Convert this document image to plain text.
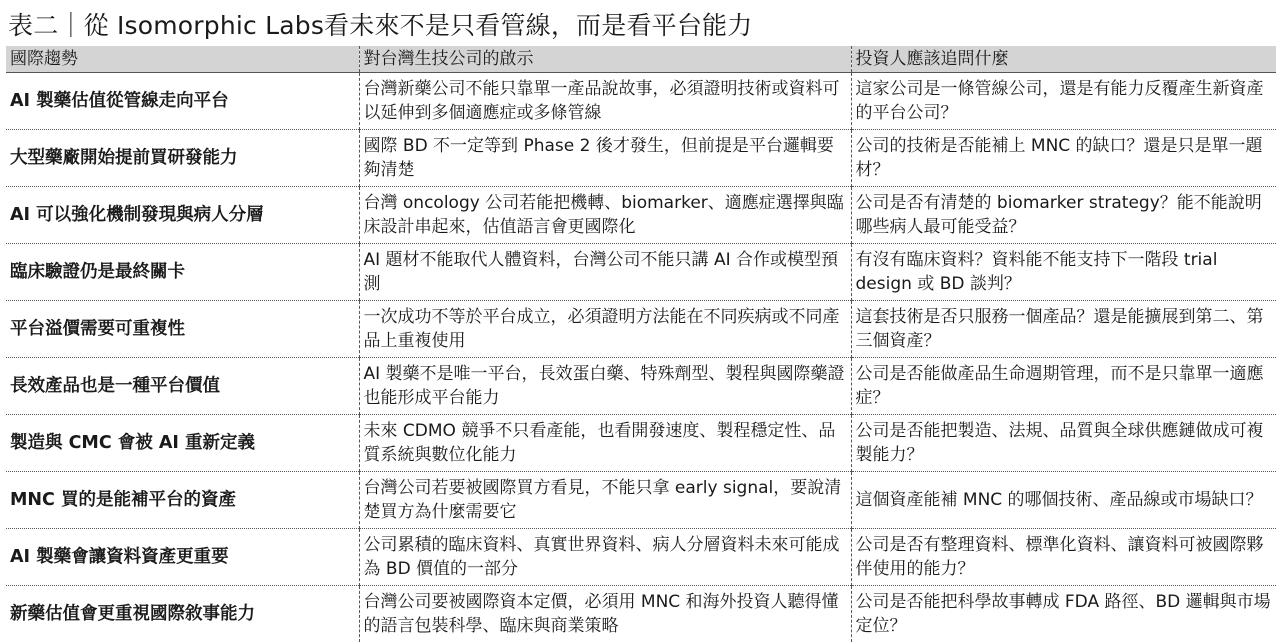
表二｜從 Isomorphic Labs看未來不是只看管線，而是看平台能力
國際趨勢	對台灣生技公司的啟示	投資人應該追問什麼
AI 製藥估值從管線走向平台	台灣新藥公司不能只靠單一產品說故事，必須證明技術或資料可以延伸到多個適應症或多條管線	這家公司是一條管線公司，還是有能力反覆產生新資產的平台公司？
大型藥廠開始提前買研發能力	國際 BD 不一定等到 Phase 2 後才發生，但前提是平台邏輯要夠清楚	公司的技術是否能補上 MNC 的缺口？還是只是單一題材？
AI 可以強化機制發現與病人分層	台灣 oncology 公司若能把機轉、biomarker、適應症選擇與臨床設計串起來，估值語言會更國際化	公司是否有清楚的 biomarker strategy？能不能說明哪些病人最可能受益？
臨床驗證仍是最終關卡	AI 題材不能取代人體資料，台灣公司不能只講 AI 合作或模型預測	有沒有臨床資料？資料能不能支持下一階段 trial design 或 BD 談判？
平台溢價需要可重複性	一次成功不等於平台成立，必須證明方法能在不同疾病或不同產品上重複使用	這套技術是否只服務一個產品？還是能擴展到第二、第三個資產？
長效產品也是一種平台價值	AI 製藥不是唯一平台，長效蛋白藥、特殊劑型、製程與國際藥證也能形成平台能力	公司是否能做產品生命週期管理，而不是只靠單一適應症？
製造與 CMC 會被 AI 重新定義	未來 CDMO 競爭不只看產能，也看開發速度、製程穩定性、品質系統與數位化能力	公司是否能把製造、法規、品質與全球供應鏈做成可複製能力？
MNC 買的是能補平台的資產	台灣公司若要被國際買方看見，不能只拿 early signal，要說清楚買方為什麼需要它	這個資產能補 MNC 的哪個技術、產品線或市場缺口？
AI 製藥會讓資料資產更重要	公司累積的臨床資料、真實世界資料、病人分層資料未來可能成為 BD 價值的一部分	公司是否有整理資料、標準化資料、讓資料可被國際夥伴使用的能力？
新藥估值會更重視國際敘事能力	台灣公司要被國際資本定價，必須用 MNC 和海外投資人聽得懂的語言包裝科學、臨床與商業策略	公司是否能把科學故事轉成 FDA 路徑、BD 邏輯與市場定位？
